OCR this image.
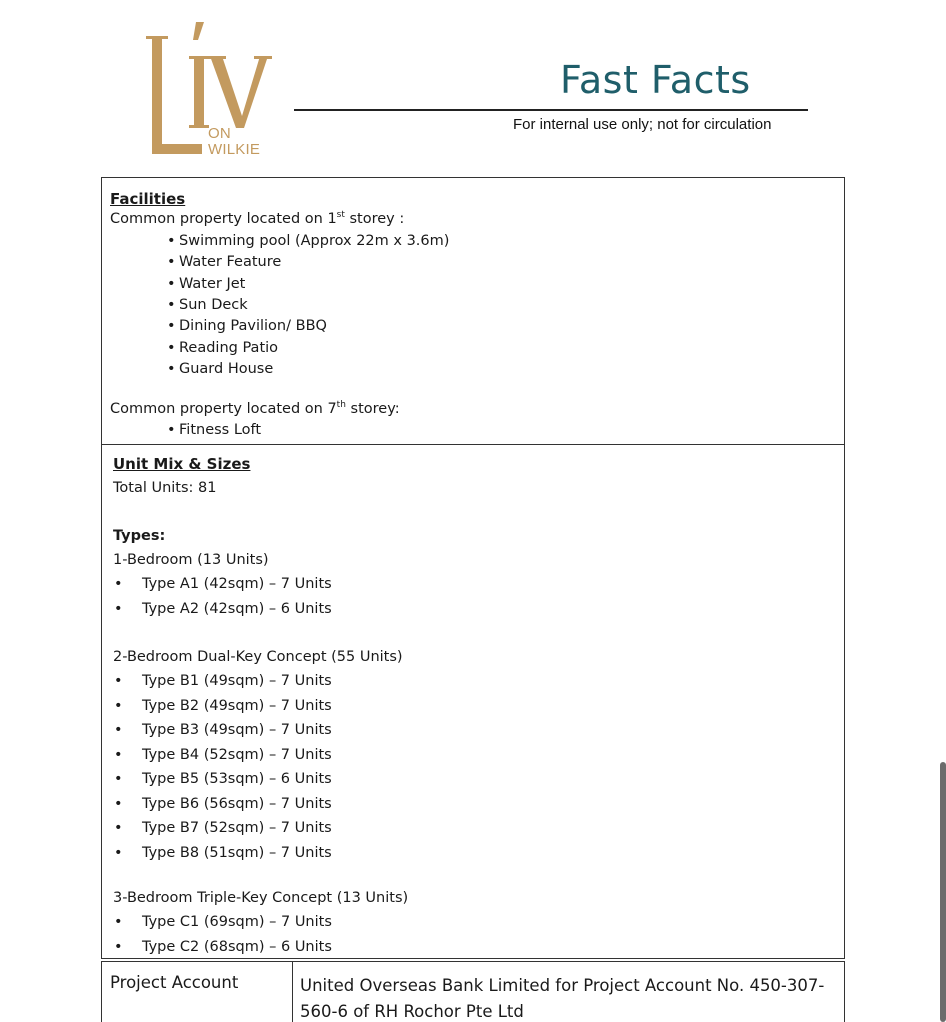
ON
WILKIE
Fast Facts
For internal use only; not for circulation
Facilities
Common property located on 1st storey :
• Swimming pool (Approx 22m x 3.6m)
• Water Feature
• Water Jet
• Sun Deck
• Dining Pavilion/ BBQ
• Reading Patio
• Guard House
Common property located on 7th storey:
• Fitness Loft
Unit Mix & Sizes
Total Units: 81
Types:
1-Bedroom (13 Units)
• Type A1 (42sqm) – 7 Units
• Type A2 (42sqm) – 6 Units
2-Bedroom Dual-Key Concept (55 Units)
• Type B1 (49sqm) – 7 Units
• Type B2 (49sqm) – 7 Units
• Type B3 (49sqm) – 7 Units
• Type B4 (52sqm) – 7 Units
• Type B5 (53sqm) – 6 Units
• Type B6 (56sqm) – 7 Units
• Type B7 (52sqm) – 7 Units
• Type B8 (51sqm) – 7 Units
3-Bedroom Triple-Key Concept (13 Units)
• Type C1 (69sqm) – 7 Units
• Type C2 (68sqm) – 6 Units
Project Account	United Overseas Bank Limited for Project Account No. 450-307-560-6 of RH Rochor Pte Ltd
